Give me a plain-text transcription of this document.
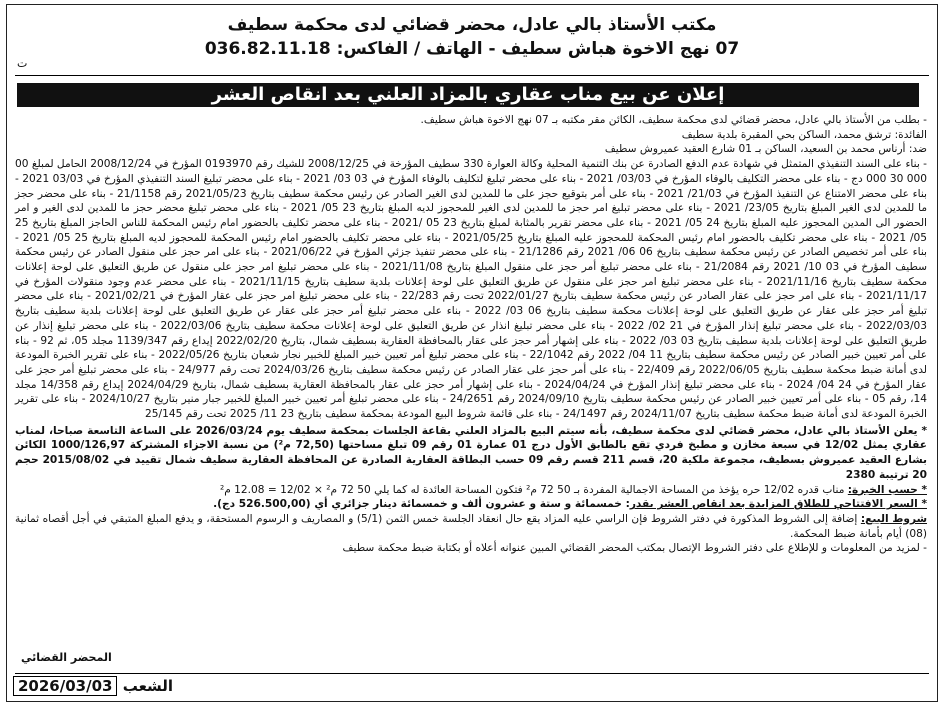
مكتب الأستاذ بالي عادل، محضر قضائي لدى محكمة سطيف
07 نهج الاخوة هباش سطيف - الهاتف / الفاكس: 036.82.11.18
ت
إعلان عن بيع مناب عقاري بالمزاد العلني بعد انقاص العشر

- بطلب من الأستاذ بالي عادل، محضر قضائي لدى محكمة سطيف، الكائن مقر مكتبه بـ 07 نهج الاخوة هباش سطيف.

الفائدة: ترشق محمد، الساكن بحي المقبرة بلدية سطيف

ضد: أرناس محمد بن السعيد، الساكن بـ 01 شارع العقيد عميروش سطيف

- بناء على السند التنفيذي المتمثل في شهادة عدم الدفع الصادرة عن بنك التنمية المحلية وكالة العوارة 330 سطيف المؤرخة في 2008/12/25 للشيك رقم 0193970 المؤرخ في 2008/12/24 الحامل لمبلغ 00 000 30 000 دج - بناء على محضر التكليف بالوفاء المؤرخ في 03/03/ 2021 - بناء على محضر تبليغ لتكليف بالوفاء المؤرخ في 03 03/ 2021 - بناء على محضر تبليغ السند التنفيذي المؤرخ في 03/03 2021 - بناء على محضر الامتناع عن التنفيذ المؤرخ في 21/03/ 2021 - بناء على أمر بتوقيع حجز على ما للمدين لدى الغير الصادر عن رئيس محكمة سطيف بتاريخ 2021/05/23 رقم 21/1158 - بناء على محضر حجز ما للمدين لدى الغير المبلغ بتاريخ 23/05/ 2021 - بناء على محضر تبليغ امر حجز ما للمدين لدى الغير للمحجوز لديه المبلغ بتاريخ 23 05/ 2021 - بناء على محضر تبليغ محضر حجز ما للمدين لدى الغير و امر الحضور الى المدين المحجوز عليه المبلغ بتاريخ 24 05/ 2021 - بناء على محضر تقرير بالمثابة لمبلغ بتاريخ 23 05 /2021 - بناء على محضر تكليف بالحضور امام رئيس المحكمة للناس الحاجز المبلغ بتاريخ 25 05/ 2021 - بناء على محضر تكليف بالحضور امام رئيس المحكمة للمحجوز عليه المبلغ بتاريخ 2021/05/25 - بناء على محضر تكليف بالحضور امام رئيس المحكمة للمحجوز لديه المبلغ بتاريخ 25 05/ 2021 - بناء على أمر تخصيص الصادر عن رئيس محكمة سطيف بتاريخ 06 06/ 2021 رقم 21/1286 - بناء على محضر تنفيذ جزئي المؤرخ في 2021/06/22 - بناء على امر حجز على منقول الصادر عن رئيس محكمة سطيف المؤرخ في 03 10/ 2021 رقم 21/2084 - بناء على محضر تبليغ أمر حجز على منقول المبلغ بتاريخ 2021/11/08 - بناء على محضر تبليغ امر حجز على منقول عن طريق التعليق على لوحة إعلانات محكمة سطيف بتاريخ 2021/11/16 - بناء على محضر تبليغ امر حجز على منقول عن طريق التعليق على لوحة إعلانات بلدية سطيف بتاريخ 2021/11/15 - بناء على محضر عدم وجود منقولات المؤرخ في 2021/11/17 - بناء على امر حجز على عقار الصادر عن رئيس محكمة سطيف بتاريخ 2022/01/27 تحت رقم 22/283 - بناء على محضر تبليغ امر حجز على عقار المؤرخ في 2021/02/21 - بناء على محضر تبليغ أمر حجز على عقار عن طريق التعليق على لوحة إعلانات محكمة سطيف بتاريخ 06 03/ 2022 - بناء على محضر تبليغ أمر حجز على عقار عن طريق التعليق على لوحة إعلانات بلدية سطيف بتاريخ 2022/03/03 - بناء على محضر تبليغ إنذار المؤرخ في 21 02/ 2022 - بناء على محضر تبليغ انذار عن طريق التعليق على لوحة إعلانات محكمة سطيف بتاريخ 2022/03/06 - بناء على محضر تبليغ إنذار عن طريق التعليق على لوحة إعلانات بلدية سطيف بتاريخ 03 03/ 2022 - بناء على إشهار أمر حجز على عقار بالمحافظة العقارية بسطيف شمال، بتاريخ 2022/02/20 إيداع رقم 1139/347 مجلد 05، ثم 92 - بناء على أمر تعيين خبير الصادر عن رئيس محكمة سطيف بتاريخ 11 04/ 2022 رقم 22/1042 - بناء على محضر تبليغ أمر تعيين خبير المبلغ للخبير نجار شعبان بتاريخ 2022/05/26 - بناء على تقرير الخبرة المودعة لدى أمانة ضبط محكمة سطيف بتاريخ 2022/06/05 رقم 22/409 - بناء على أمر حجز على عقار الصادر عن رئيس محكمة سطيف بتاريخ 2024/03/26 تحت رقم 24/977 - بناء على محضر تبليغ أمر حجز على عقار المؤرخ في 24 04/ 2024 - بناء على محضر تبليغ إنذار المؤرخ في 2024/04/24 - بناء على إشهار أمر حجز على عقار بالمحافظة العقارية بسطيف شمال، بتاريخ 2024/04/29 إيداع رقم 14/358 مجلد 14، رقم 05 - بناء على أمر تعيين خبير الصادر عن رئيس محكمة سطيف بتاريخ 2024/09/10 رقم 24/2651 - بناء على محضر تبليغ أمر تعيين خبير المبلغ للخبير جبار منير بتاريخ 2024/10/27 - بناء على تقرير الخبرة المودعة لدى أمانة ضبط محكمة سطيف بتاريخ 2024/11/07 رقم 24/1497 - بناء على قائمة شروط البيع المودعة بمحكمة سطيف بتاريخ 23 11/ 2025 تحت رقم 25/145

* يعلن الأستاذ بالي عادل، محضر قضائي لدى محكمة سطيف، بأنه سيتم البيع بالمزاد العلني بقاعة الجلسات بمحكمة سطيف يوم 2026/03/24 على الساعة التاسعة صباحا، لمناب عقاري يمثل 12/02 في سبعة مخازن و مطبخ فردي تقع بالطابق الأول درج 01 عمارة 01 رقم 09 تبلغ مساحتها (72,50 م²) من نسبة الاجزاء المشتركة 1000/126,97 الكائن بشارع العقيد عميروش بسطيف، مجموعة ملكية 20، قسم 211 قسم رقم 09 حسب البطاقة العقارية الصادرة عن المحافظة العقارية سطيف شمال تقييد في 2015/08/02 حجم 20 ترتيبة 2380

* حسب الخبرة: مناب قدره 12/02 حره يؤخذ من المساحة الاجمالية المفردة بـ 50 72 م² فتكون المساحة العائدة له كما يلي 50 72 م² × 12/02 = 12.08 م²

* السعر الافتتاحي للطلاق المزايدة بعد انقاص العشر يقدر: خمسمائة و ستة و عشرون ألف و خمسمائة دينار جزائري أي (526.500,00 دج).

شروط البيع: إضافة إلى الشروط المذكورة في دفتر الشروط فإن الراسي عليه المزاد يقع حال انعقاد الجلسة خمس الثمن (5/1) و المصاريف و الرسوم المستحقة، و يدفع المبلغ المتبقي في أجل أقصاه ثمانية (08) أيام بأمانة ضبط المحكمة.

- لمزيد من المعلومات و للإطلاع على دفتر الشروط الإتصال بمكتب المحضر القضائي المبين عنوانه أعلاه أو بكتابة ضبط محكمة سطيف

المحضر القضائي
الشعب 2026/03/03
